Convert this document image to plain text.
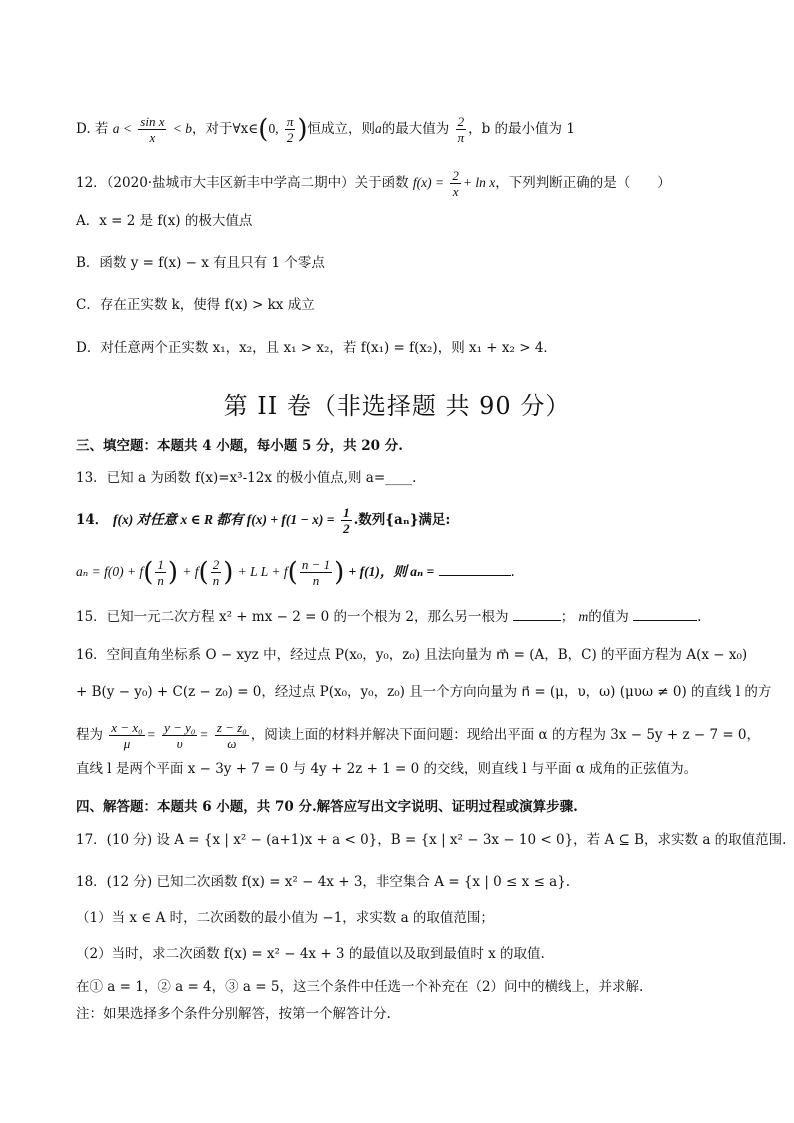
D. 若 $a < \frac{\text{sin x}}{x} < b$，对于∀x∈(0, $\frac{\pi}{2}$ )恒成立，则a的最大值为 $\frac{2}{\pi}$ ，b 的最小值为 1
12．（2020·盐城市大丰区新丰中学高二期中）关于函数 $f(x) = \frac{2}{x} + \ln x$，下列判断正确的是（　　）
A．x = 2 是 f(x) 的极大值点
B．函数 y = f(x) − x 有且只有 1 个零点
C．存在正实数 k，使得 f(x) > kx 成立
D．对任意两个正实数 x₁，x₂，且 x₁ > x₂，若 f(x₁) = f(x₂)，则 x₁ + x₂ > 4．
第 II 卷（非选择题 共 90 分）
三、填空题：本题共 4 小题，每小题 5 分，共 20 分.
13．已知 a 为函数 f(x)=x³-12x 的极小值点,则 a=____.
14． f(x) 对任意 x ∈ R 都有 $f(x) + f(1 - x) = \frac{1}{2}$ .数列{aₙ}满足:
$a_n = f(0) + f( \frac{1}{n}$ ) + $f( \frac{2}{n}$ ) + L $L + f( \frac{n - 1}{n}$ ) + f(1)，则 aₙ =	.
15．已知一元二次方程 x² + mx − 2 = 0 的一个根为 2，那么另一根为	； m的值为	.
16．空间直角坐标系 O − xyz 中，经过点 P(x₀，y₀，z₀) 且法向量为 m⃗ = (A，B，C) 的平面方程为 A(x − x₀)
+ B(y − y₀) + C(z − z₀) = 0，经过点 P(x₀，y₀，z₀) 且一个方向向量为 n⃗ = (μ，υ，ω) (μυω ≠ 0) 的直线 l 的方
程为 $\frac{\text{x − x₀}}{\mu} = \frac{\text{y − y₀}}{\upsilon} = \frac{\text{z − z₀}}{\omega}$ ，阅读上面的材料并解决下面问题：现给出平面 α 的方程为 3x − 5y + z − 7 = 0，
直线 l 是两个平面 x − 3y + 7 = 0 与 4y + 2z + 1 = 0 的交线，则直线 l 与平面 α 成角的正弦值为。
四、解答题：本题共 6 小题，共 70 分.解答应写出文字说明、证明过程或演算步骤.
17．(10 分) 设 A = {x | x² − (a+1)x + a < 0}，B = {x | x² − 3x − 10 < 0}，若 A ⊆ B，求实数 a 的取值范围.
18．(12 分) 已知二次函数 f(x) = x² − 4x + 3，非空集合 A = {x | 0 ≤ x ≤ a}.
（1）当 x ∈ A 时，二次函数的最小值为 −1，求实数 a 的取值范围；
（2）当时，求二次函数 f(x) = x² − 4x + 3 的最值以及取到最值时 x 的取值.
在① a = 1，② a = 4，③ a = 5，这三个条件中任选一个补充在（2）问中的横线上，并求解.
注：如果选择多个条件分别解答，按第一个解答计分.
